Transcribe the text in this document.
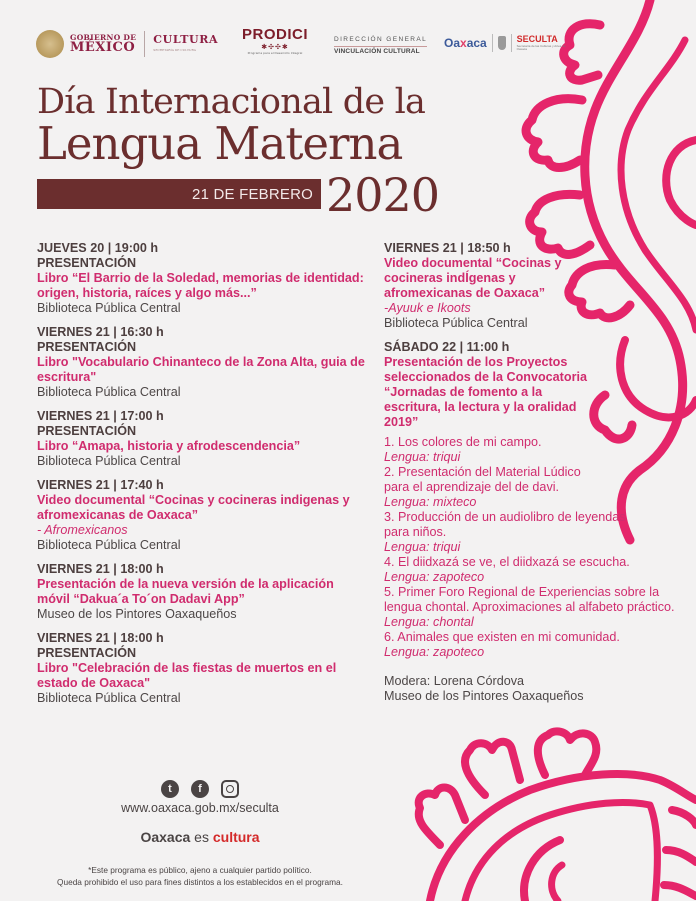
GOBIERNO DE
MÉXICO
CULTURA
SECRETARÍA DE CULTURA
PRODICI
✱✣✣✱
Programa para el Desarrollo Integral
DIRECCIÓN GENERAL
VINCULACIÓN CULTURAL
Oaxaca	SECULTA
Secretaría de las Culturas y Artes de Oaxaca
Día Internacional de la
Lengua Materna
21 DE FEBRERO 2020
JUEVES 20 | 19:00 h
PRESENTACIÓN
Libro “El Barrio de la Soledad, memorias de identidad: origen, historia, raíces y algo más...”
Biblioteca Pública Central
VIERNES 21 | 16:30 h
PRESENTACIÓN
Libro "Vocabulario Chinanteco de la Zona Alta, guia de escritura"
Biblioteca Pública Central
VIERNES 21 | 17:00 h
PRESENTACIÓN
Libro “Amapa, historia y afrodescendencia”
Biblioteca Pública Central
VIERNES 21 | 17:40 h
Video documental “Cocinas y cocineras indigenas y afromexicanas de Oaxaca”
- Afromexicanos
Biblioteca Pública Central
VIERNES 21 | 18:00 h
Presentación de la nueva versión de la aplicación móvil “Dakua´a To´on Dadavi App”
Museo de los Pintores Oaxaqueños
VIERNES 21 | 18:00 h
PRESENTACIÓN
Libro "Celebración de las fiestas de muertos en el estado de Oaxaca"
Biblioteca Pública Central
VIERNES 21 | 18:50 h
Video documental “Cocinas y cocineras indÍgenas y afromexicanas de Oaxaca”
-Ayuuk e Ikoots
Biblioteca Pública Central
SÁBADO 22 | 11:00 h
Presentación de los Proyectos seleccionados de la Convocatoria “Jornadas de fomento a la escritura, la lectura y la oralidad 2019”
1. Los colores de mi campo.
Lengua: triqui
2. Presentación del Material Lúdico para el aprendizaje del de davi.
Lengua: mixteco
3. Producción de un audiolibro de leyendas para niños.
Lengua: triqui
4. El diidxazá se ve, el diidxazá se escucha.
Lengua: zapoteco
5. Primer Foro Regional de Experiencias sobre la lengua chontal. Aproximaciones al alfabeto práctico.
Lengua: chontal
6. Animales que existen en mi comunidad.
Lengua: zapoteco
Modera: Lorena Córdova
Museo de los Pintores Oaxaqueños
t	f
www.oaxaca.gob.mx/seculta
Oaxaca es cultura
*Este programa es público, ajeno a cualquier partido político.
Queda prohibido el uso para fines distintos a los establecidos en el programa.
